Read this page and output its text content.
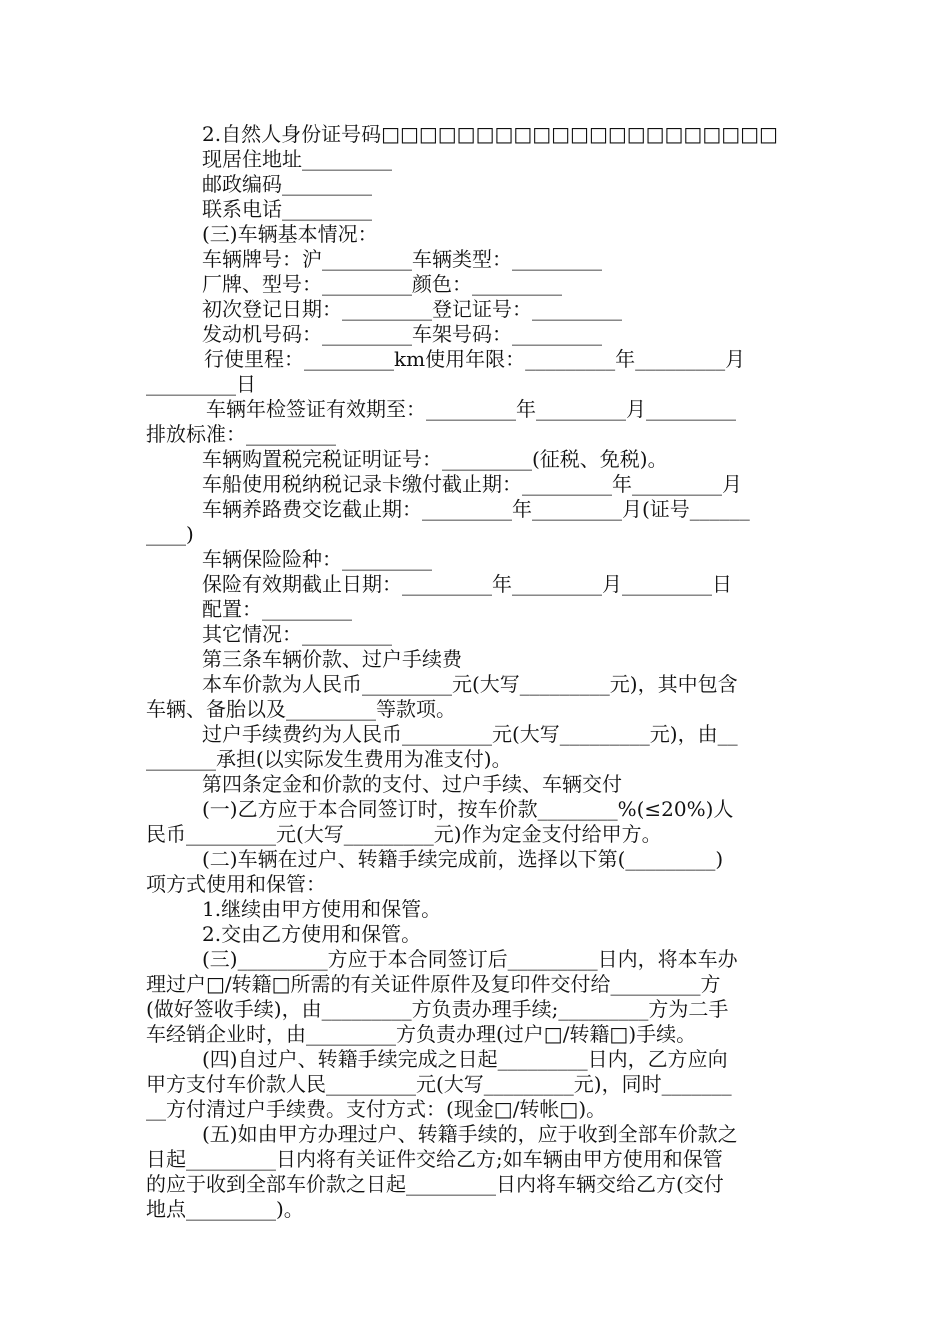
2.自然人身份证号码□□□□□□□□□□□□□□□□□□□□□
现居住地址_________
邮政编码_________
联系电话_________
(三)车辆基本情况：
车辆牌号：沪_________车辆类型：_________
厂牌、型号：_________颜色：_________
初次登记日期：_________登记证号：_________
发动机号码：_________车架号码：_________
行使里程：_________km使用年限：_________年_________月
_________日
车辆年检签证有效期至：_________年_________月_________
排放标准：_________
车辆购置税完税证明证号：_________(征税、免税)。
车船使用税纳税记录卡缴付截止期：_________年_________月
车辆养路费交讫截止期：_________年_________月(证号______
____)
车辆保险险种：_________
保险有效期截止日期：_________年_________月_________日
配置：_________
其它情况：_________
第三条车辆价款、过户手续费
本车价款为人民币_________元(大写_________元)，其中包含
车辆、备胎以及_________等款项。
过户手续费约为人民币_________元(大写_________元)，由__
_______承担(以实际发生费用为准支付)。
第四条定金和价款的支付、过户手续、车辆交付
(一)乙方应于本合同签订时，按车价款________%(≤20%)人
民币_________元(大写_________元)作为定金支付给甲方。
(二)车辆在过户、转籍手续完成前，选择以下第(_________)
项方式使用和保管：
1.继续由甲方使用和保管。
2.交由乙方使用和保管。
(三)_________方应于本合同签订后_________日内，将本车办
理过户□/转籍□所需的有关证件原件及复印件交付给_________方
(做好签收手续)，由_________方负责办理手续;_________方为二手
车经销企业时，由_________方负责办理(过户□/转籍□)手续。
(四)自过户、转籍手续完成之日起_________日内，乙方应向
甲方支付车价款人民_________元(大写_________元)，同时_______
__方付清过户手续费。支付方式：(现金□/转帐□)。
(五)如由甲方办理过户、转籍手续的，应于收到全部车价款之
日起_________日内将有关证件交给乙方;如车辆由甲方使用和保管
的应于收到全部车价款之日起_________日内将车辆交给乙方(交付
地点_________)。
